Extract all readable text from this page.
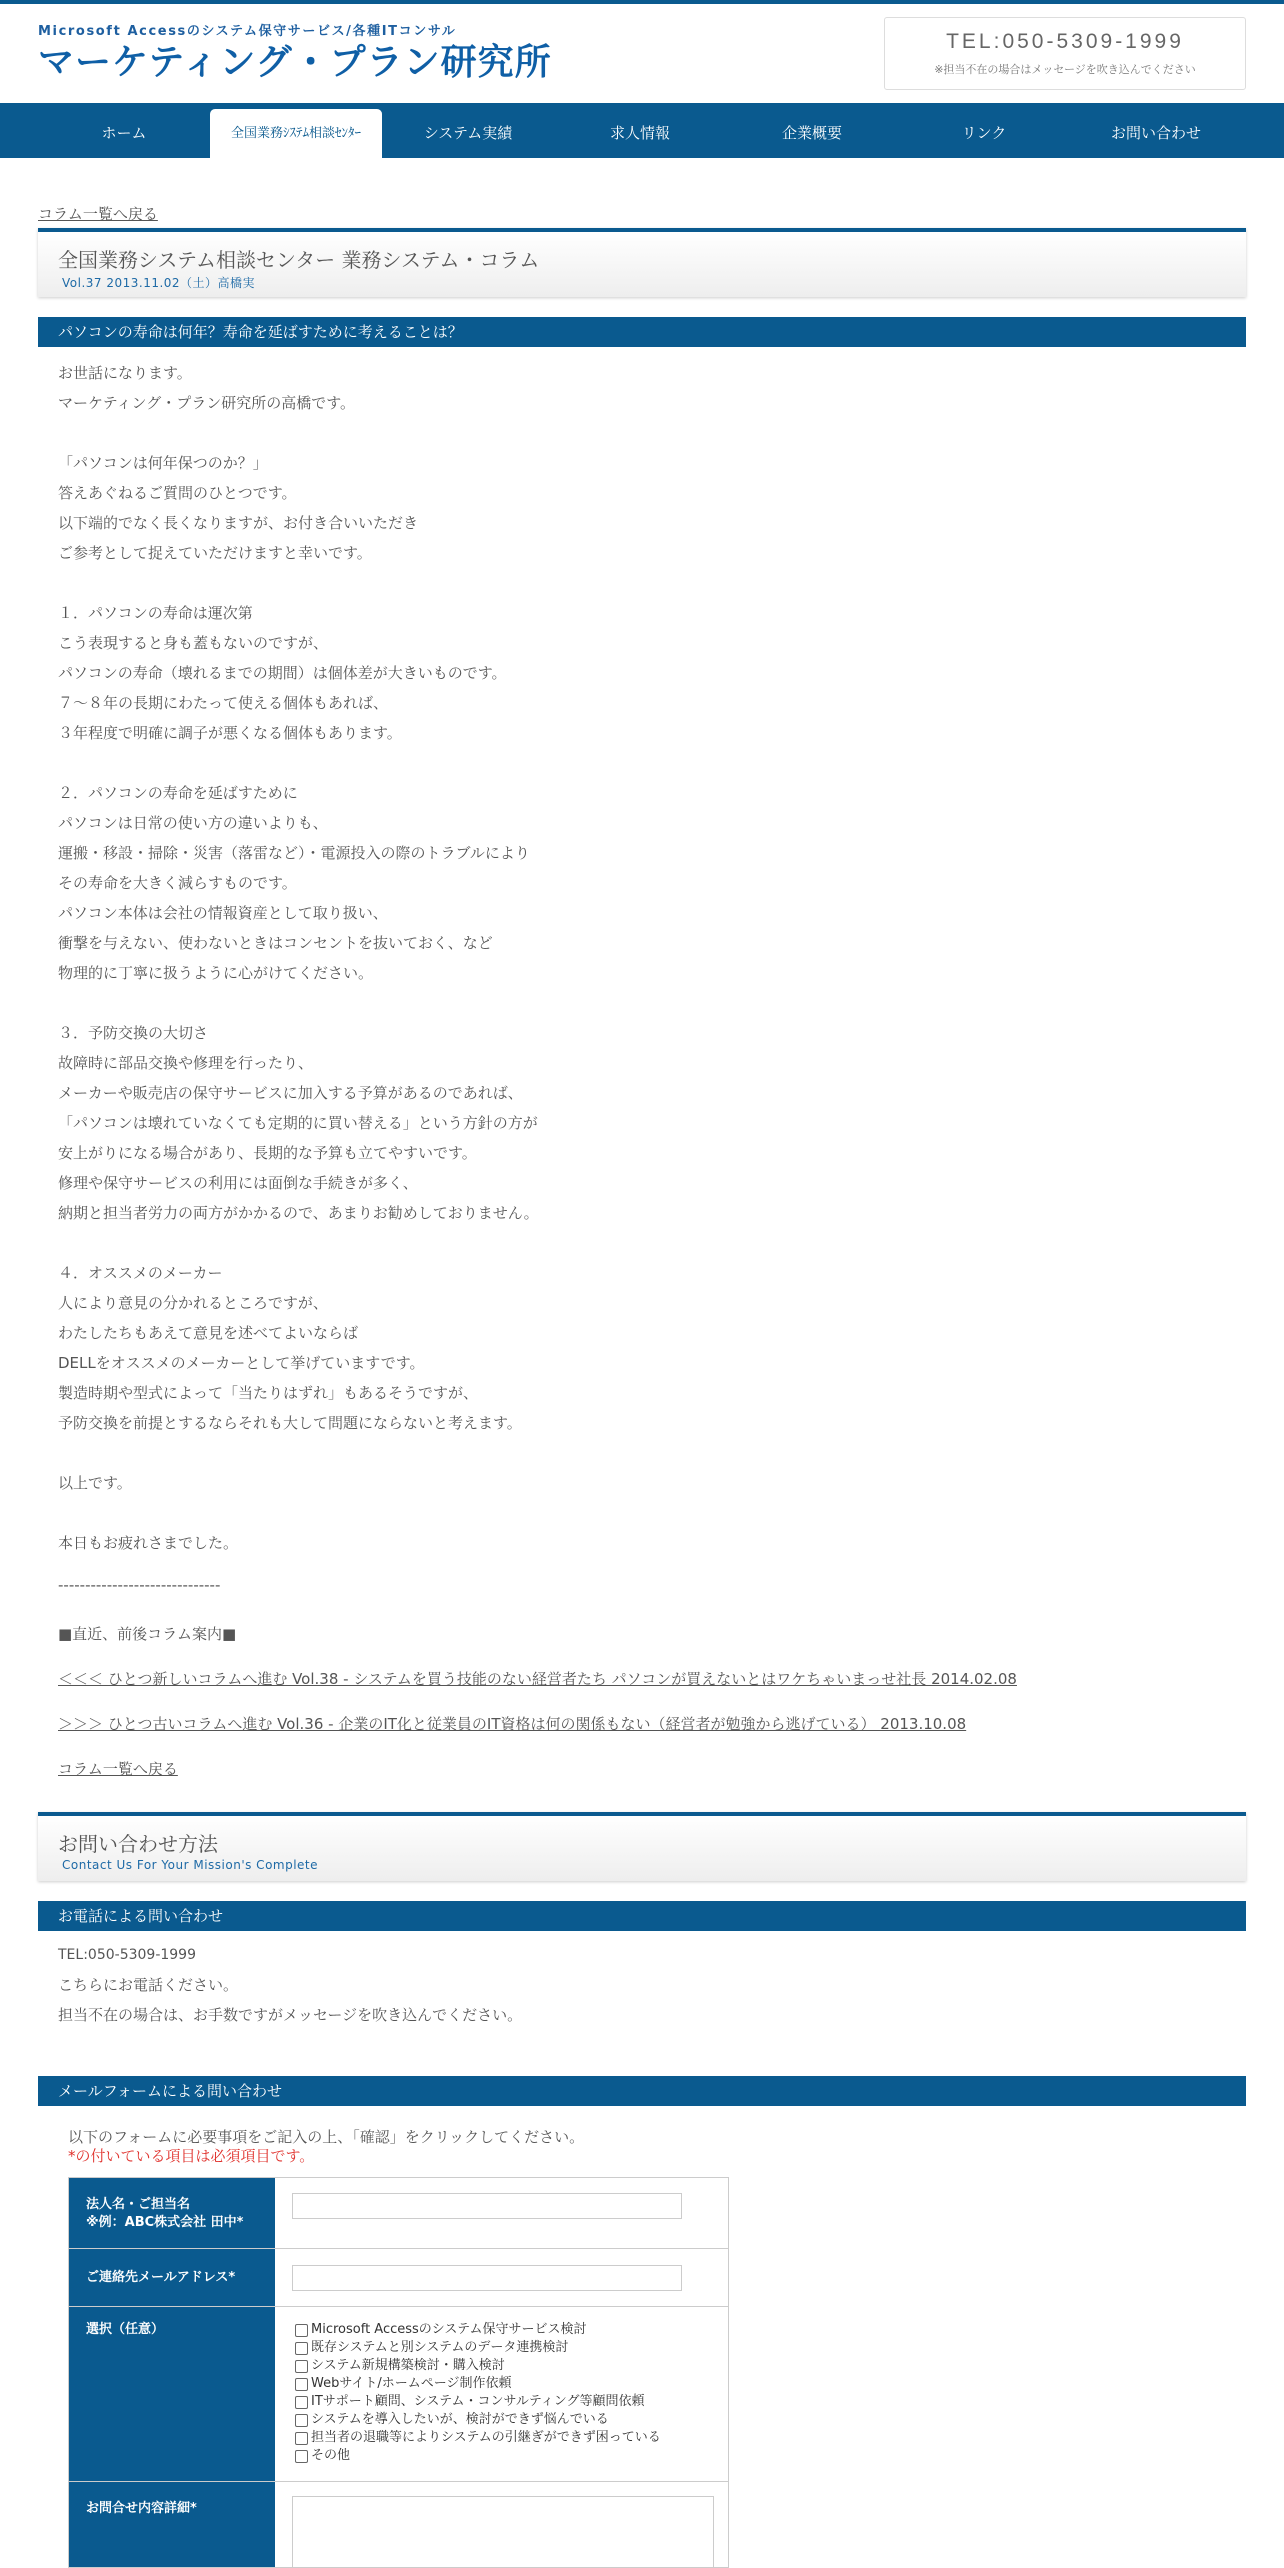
Microsoft Accessのシステム保守サービス/各種ITコンサル
マーケティング・プラン研究所
TEL:050-5309-1999
※担当不在の場合はメッセージを吹き込んでください
ホーム	全国業務ｼｽﾃﾑ相談ｾﾝﾀｰ	システム実績	求人情報	企業概要	リンク	お問い合わせ
コラム一覧へ戻る
全国業務システム相談センター 業務システム・コラム
Vol.37 2013.11.02（土）高橋実
パソコンの寿命は何年？寿命を延ばすために考えることは？
お世話になります。
マーケティング・プラン研究所の高橋です。
「パソコンは何年保つのか？」
答えあぐねるご質問のひとつです。
以下端的でなく長くなりますが、お付き合いいただき
ご参考として捉えていただけますと幸いです。
１．パソコンの寿命は運次第
こう表現すると身も蓋もないのですが、
パソコンの寿命（壊れるまでの期間）は個体差が大きいものです。
７～８年の長期にわたって使える個体もあれば、
３年程度で明確に調子が悪くなる個体もあります。
２．パソコンの寿命を延ばすために
パソコンは日常の使い方の違いよりも、
運搬・移設・掃除・災害（落雷など）・電源投入の際のトラブルにより
その寿命を大きく減らすものです。
パソコン本体は会社の情報資産として取り扱い、
衝撃を与えない、使わないときはコンセントを抜いておく、など
物理的に丁寧に扱うように心がけてください。
３．予防交換の大切さ
故障時に部品交換や修理を行ったり、
メーカーや販売店の保守サービスに加入する予算があるのであれば、
「パソコンは壊れていなくても定期的に買い替える」という方針の方が
安上がりになる場合があり、長期的な予算も立てやすいです。
修理や保守サービスの利用には面倒な手続きが多く、
納期と担当者労力の両方がかかるので、あまりお勧めしておりません。
４．オススメのメーカー
人により意見の分かれるところですが、
わたしたちもあえて意見を述べてよいならば
DELLをオススメのメーカーとして挙げていますです。
製造時期や型式によって「当たりはずれ」もあるそうですが、
予防交換を前提とするならそれも大して問題にならないと考えます。
以上です。
本日もお疲れさまでした。
------------------------------
■直近、前後コラム案内■
＜＜＜ ひとつ新しいコラムへ進む Vol.38 - システムを買う技能のない経営者たち パソコンが買えないとはワケちゃいまっせ社長 2014.02.08
＞＞＞ ひとつ古いコラムへ進む Vol.36 - 企業のIT化と従業員のIT資格は何の関係もない（経営者が勉強から逃げている） 2013.10.08
コラム一覧へ戻る
お問い合わせ方法
Contact Us For Your Mission's Complete
お電話による問い合わせ
TEL:050-5309-1999
こちらにお電話ください。
担当不在の場合は、お手数ですがメッセージを吹き込んでください。
メールフォームによる問い合わせ
以下のフォームに必要事項をご記入の上、「確認」をクリックしてください。
*の付いている項目は必須項目です。
法人名・ご担当名
※例：ABC株式会社 田中*
ご連絡先メールアドレス*
選択（任意）	Microsoft Accessのシステム保守サービス検討
既存システムと別システムのデータ連携検討
システム新規構築検討・購入検討
Webサイト/ホームページ制作依頼
ITサポート顧問、システム・コンサルティング等顧問依頼
システムを導入したいが、検討ができず悩んでいる
担当者の退職等によりシステムの引継ぎができず困っている
その他
お問合せ内容詳細*
